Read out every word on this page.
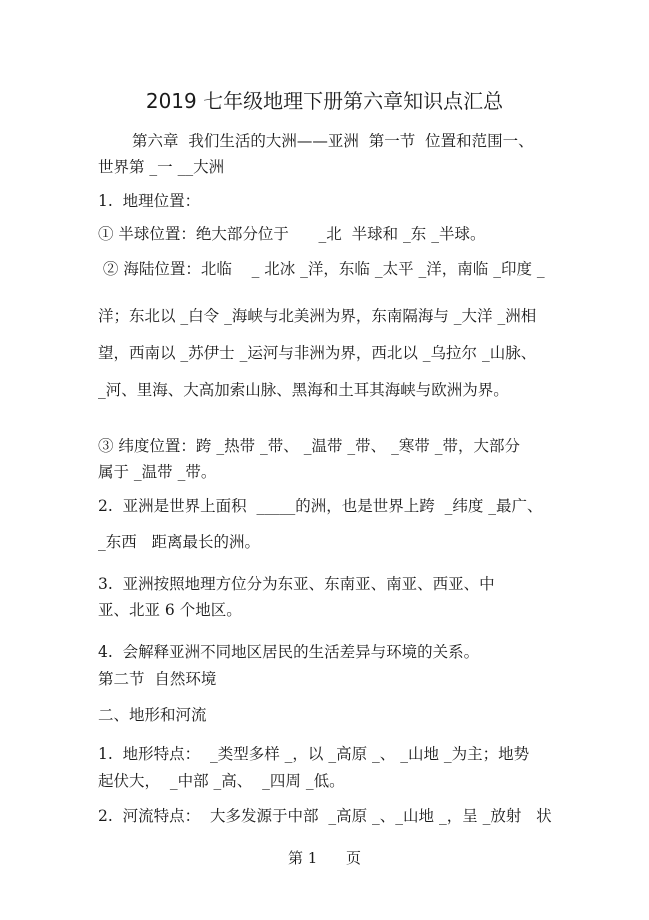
2019 七年级地理下册第六章知识点汇总
第六章  我们生活的大洲——亚洲  第一节  位置和范围一、
世界第 _一 __大洲
1.  地理位置：
① 半球位置：绝大部分位于      _北  半球和 _东 _半球。
② 海陆位置：北临    _ 北冰 _洋，东临 _太平 _洋，南临 _印度 _
洋；东北以 _白令 _海峡与北美洲为界，东南隔海与 _大洋 _洲相
望，西南以 _苏伊士 _运河与非洲为界，西北以 _乌拉尔 _山脉、
_河、里海、大高加索山脉、黑海和土耳其海峡与欧洲为界。
③ 纬度位置：跨 _热带 _带、 _温带 _带、 _寒带 _带，大部分
属于 _温带 _带。
2.  亚洲是世界上面积  _____的洲，也是世界上跨  _纬度 _最广、
_东西   距离最长的洲。
3.  亚洲按照地理方位分为东亚、东南亚、南亚、西亚、中
亚、北亚 6 个地区。
4.  会解释亚洲不同地区居民的生活差异与环境的关系。
第二节  自然环境
二、地形和河流
1.  地形特点：  _类型多样 _，以 _高原 _、 _山地 _为主；地势
起伏大，  _中部 _高、  _四周 _低。
2.  河流特点：  大多发源于中部  _高原 _、_山地 _，呈 _放射   状
第 1      页
